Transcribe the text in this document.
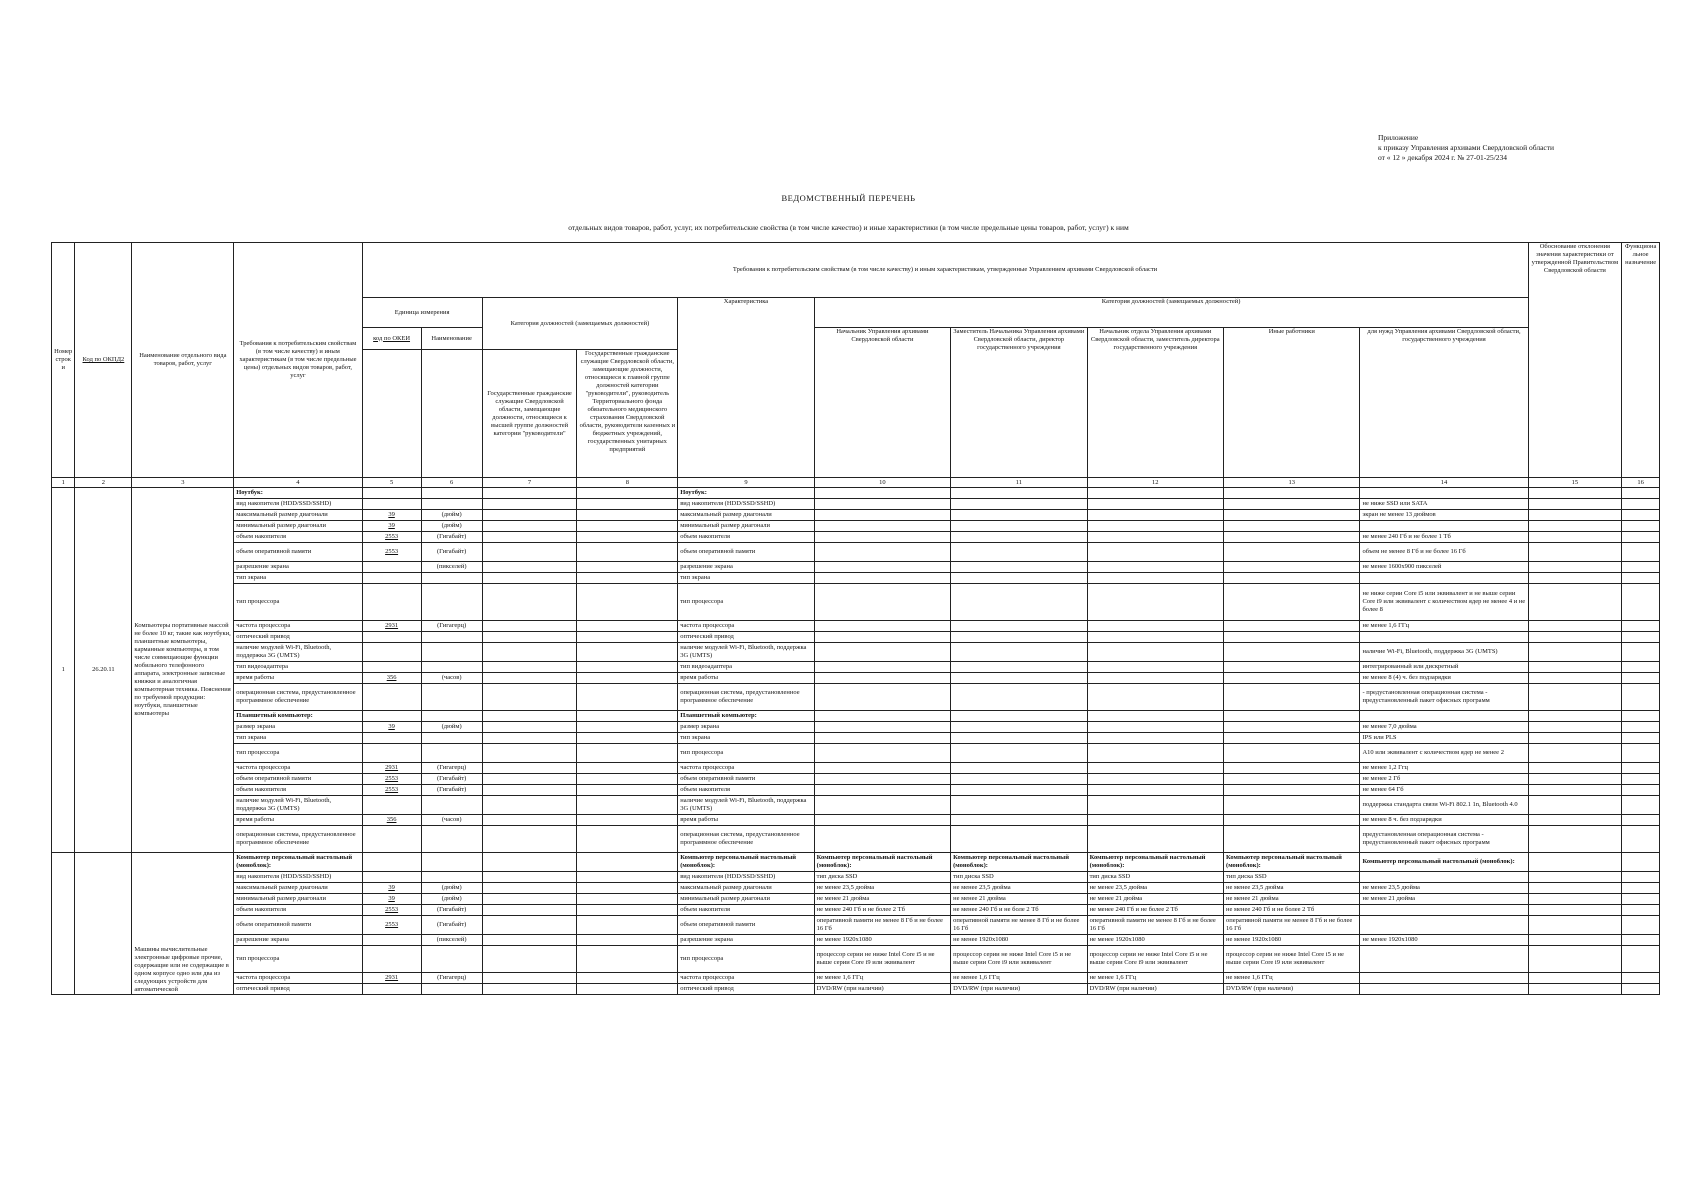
Приложение
к приказу Управления архивами Свердловской области
от « 12 » декабря 2024 г. № 27-01-25/234
ВЕДОМСТВЕННЫЙ ПЕРЕЧЕНЬ
отдельных видов товаров, работ, услуг, их потребительские свойства (в том числе качество) и иные характеристики (в том числе предельные цены товаров, работ, услуг) к ним
Номер строки	Код по ОКПД2	Наименование отдельного вида товаров, работ, услуг	Требования к потребительским свойствам (в том числе качеству) и иным характеристикам (в том числе предельные цены) отдельных видов товаров, работ, услуг	Требования к потребительским свойствам (в том числе качеству) и иным характеристикам, утвержденные Управлением архивами Свердловской области										Обоснование отклонения значения характеристики от утвержденной Правительством Свердловской области	Функциональное назначение
				Единица измерения		Категория должностей (замещаемых должностей)		Характеристика	Категория должностей (замещаемых должностей)						
				код по ОКЕИ	Наименование				Начальник Управления архивами Свердловской области	Заместитель Начальника Управления архивами Свердловской области, директор государственного учреждения	Начальник отдела Управления архивами Свердловской области, заместитель директора государственного учреждения	Иные работники	для нужд Управления архивами Свердловской области, государственного учреждения		
						Государственные гражданские служащие Свердловской области, замещающие должности, относящиеся к высшей группе должностей категории "руководители"	Государственные гражданские служащие Свердловской области, замещающие должности, относящиеся к главной группе должностей категории "руководители", руководитель Территориального фонда обязательного медицинского страхования Свердловской области, руководители казенных и бюджетных учреждений, государственных унитарных предприятий								
1	2	3	4	5	6	7	8	9	10	11	12	13	14	15	16
1	26.20.11	Компьютеры портативные массой не более 10 кг, такие как ноутбуки, планшетные компьютеры, карманные компьютеры, в том числе совмещающие функции мобильного телефонного аппарата, электронные записные книжки и аналогичная компьютерная техника. Пояснения по требуемой продукции: ноутбуки, планшетные компьютеры	Ноутбук:					Ноутбук:							
			вид накопителя (HDD/SSD/SSHD)					вид накопителя (HDD/SSD/SSHD)					не ниже SSD или SATA		
			максимальный размер диагонали	39	(дюйм)			максимальный размер диагонали					экран не менее 13 дюймов		
			минимальный размер диагонали	39	(дюйм)			минимальный размер диагонали							
			объем накопителя	2553	(Гигабайт)			объем накопителя					не менее 240 Гб и не более 1 Тб		
			объем оперативной памяти	2553	(Гигабайт)			объем оперативной памяти					объем не менее 8 Гб и не более 16 Гб		
			разрешение экрана		(пикселей)			разрешение экрана					не менее 1600х900 пикселей		
			тип экрана					тип экрана							
			тип процессора					тип процессора					не ниже серии Core i5 или эквивалент и не выше серии Core i9 или эквивалент с количеством ядер не менее 4 и не более 8		
			частота процессора	2931	(Гигагерц)			частота процессора					не менее 1,6 ГГц		
			оптический привод					оптический привод							
			наличие модулей Wi-Fi, Bluetooth, поддержка 3G (UMTS)					наличие модулей Wi-Fi, Bluetooth, поддержка 3G (UMTS)					наличие Wi-Fi, Bluetooth, поддержка 3G (UMTS)		
			тип видеоадаптера					тип видеоадаптера					интегрированный или дискретный		
			время работы	356	(часов)			время работы					не менее 8 (4) ч. без подзарядки		
			операционная система, предустановленное программное обеспечение					операционная система, предустановленное программное обеспечение					- предустановленная операционная система - предустановленный пакет офисных программ		
			Планшетный компьютер:					Планшетный компьютер:							
			размер экрана	39	(дюйм)			размер экрана					не менее 7,0 дюйма		
			тип экрана					тип экрана					IPS или PLS		
			тип процессора					тип процессора					A10 или эквивалент с количеством ядер не менее 2		
			частота процессора	2931	(Гигагерц)			частота процессора					не менее 1,2 Ггц		
			объем оперативной памяти	2553	(Гигабайт)			объем оперативной памяти					не менее 2 Гб		
			объем накопителя	2553	(Гигабайт)			объем накопителя					не менее 64 Гб		
			наличие модулей Wi-Fi, Bluetooth, поддержка 3G (UMTS)					наличие модулей Wi-Fi, Bluetooth, поддержка 3G (UMTS)					поддержка стандарта связи Wi-Fi 802.1 1n, Bluetooth 4.0		
			время работы	356	(часов)			время работы					не менее 8 ч. без подзарядки		
			операционная система, предустановленное программное обеспечение					операционная система, предустановленное программное обеспечение					предустановленная операционная система - предустановленный пакет офисных программ		
		Машины вычислительные электронные цифровые прочие, содержащие или не содержащие в одном корпусе одно или два из следующих устройств для автоматической	Компьютер персональный настольный (моноблок):					Компьютер персональный настольный (моноблок):	Компьютер персональный настольный (моноблок):	Компьютер персональный настольный (моноблок):	Компьютер персональный настольный (моноблок):	Компьютер персональный настольный (моноблок):	Компьютер персональный настольный (моноблок):		
			вид накопителя (HDD/SSD/SSHD)					вид накопителя (HDD/SSD/SSHD)	тип диска SSD	тип диска SSD	тип диска SSD	тип диска SSD			
			максимальный размер диагонали	39	(дюйм)			максимальный размер диагонали	не менее 23,5 дюйма	не менее 23,5 дюйма	не менее 23,5 дюйма	не менее 23,5 дюйма	не менее 23,5 дюйма		
			минимальный размер диагонали	39	(дюйм)			минимальный размер диагонали	не менее 21 дюйма	не менее 21 дюйма	не менее 21 дюйма	не менее 21 дюйма	не менее 21 дюйма		
			объем накопителя	2553	(Гигабайт)			объем накопителя	не менее 240 Гб и не более 2 Тб	не менее 240 Гб и не боле 2 Тб	не менее 240 Гб и не более 2 Тб	не менее 240 Гб и не более 2 Тб			
			объем оперативной памяти	2553	(Гигабайт)			объем оперативной памяти	оперативной памяти не менее 8 Гб и не более 16 Гб	оперативной памяти не менее 8 Гб и не более 16 Гб	оперативной памяти не менее 8 Гб и не более 16 Гб	оперативной памяти не менее 8 Гб и не более 16 Гб			
			разрешение экрана		(пикселей)			разрешение экрана	не менее 1920х1080	не менее 1920х1080	не менее 1920х1080	не менее 1920х1080	не менее 1920х1080		
			тип процессора					тип процессора	процессор серии не ниже Intel Core i5 и не выше серии Core i9 или эквивалент	процессор серии не ниже Intel Core i5 и не выше серии Core i9 или эквивалент	процессор серии не ниже Intel Core i5 и не выше серии Core i9 или эквивалент	процессор серии не ниже Intel Core i5 и не выше серии Core i9 или эквивалент			
			частота процессора	2931	(Гигагерц)			частота процессора	не менее 1,6 ГГц	не менее 1,6 ГГц	не менее 1,6 ГГц	не менее 1,6 ГГц			
			оптический привод					оптический привод	DVD/RW (при наличии)	DVD/RW (при наличии)	DVD/RW (при наличии)	DVD/RW (при наличии)			
